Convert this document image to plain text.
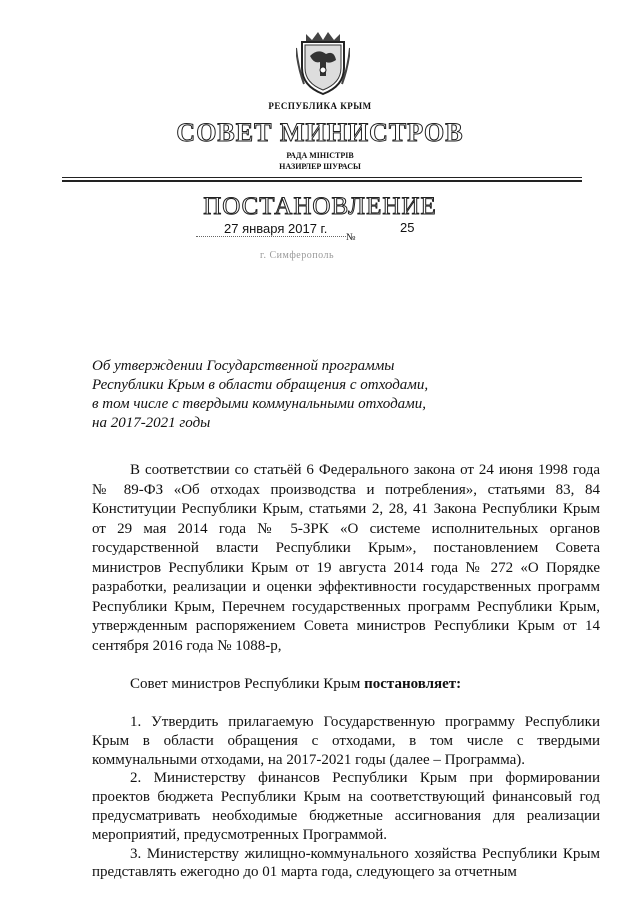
РЕСПУБЛИКА КРЫМ
СОВЕТ МИНИСТРОВ
РАДА МІНІСТРІВ
НАЗИРЛЕР ШУРАСЫ
ПОСТАНОВЛЕНИЕ
27 января 2017 г.
№
25
г. Симферополь
Об утверждении Государственной программы
Республики Крым в области обращения с отходами,
в том числе с твердыми коммунальными отходами,
на 2017-2021 годы
В соответствии со статьёй 6 Федерального закона от 24 июня 1998 года № 89-ФЗ «Об отходах производства и потребления», статьями 83, 84 Конституции Республики Крым, статьями 2, 28, 41 Закона Республики Крым от 29 мая 2014 года № 5-ЗРК «О системе исполнительных органов государственной власти Республики Крым», постановлением Совета министров Республики Крым от 19 августа 2014 года № 272 «О Порядке разработки, реализации и оценки эффективности государственных программ Республики Крым, Перечнем государственных программ Республики Крым, утвержденным распоряжением Совета министров Республики Крым от 14 сентября 2016 года № 1088-р,
Совет министров Республики Крым постановляет:

1. Утвердить прилагаемую Государственную программу Республики Крым в области обращения с отходами, в том числе с твердыми коммунальными отходами, на 2017-2021 годы (далее – Программа).

2. Министерству финансов Республики Крым при формировании проектов бюджета Республики Крым на соответствующий финансовый год предусматривать необходимые бюджетные ассигнования для реализации мероприятий, предусмотренных Программой.

3. Министерству жилищно-коммунального хозяйства Республики Крым представлять ежегодно до 01 марта года, следующего за отчетным
